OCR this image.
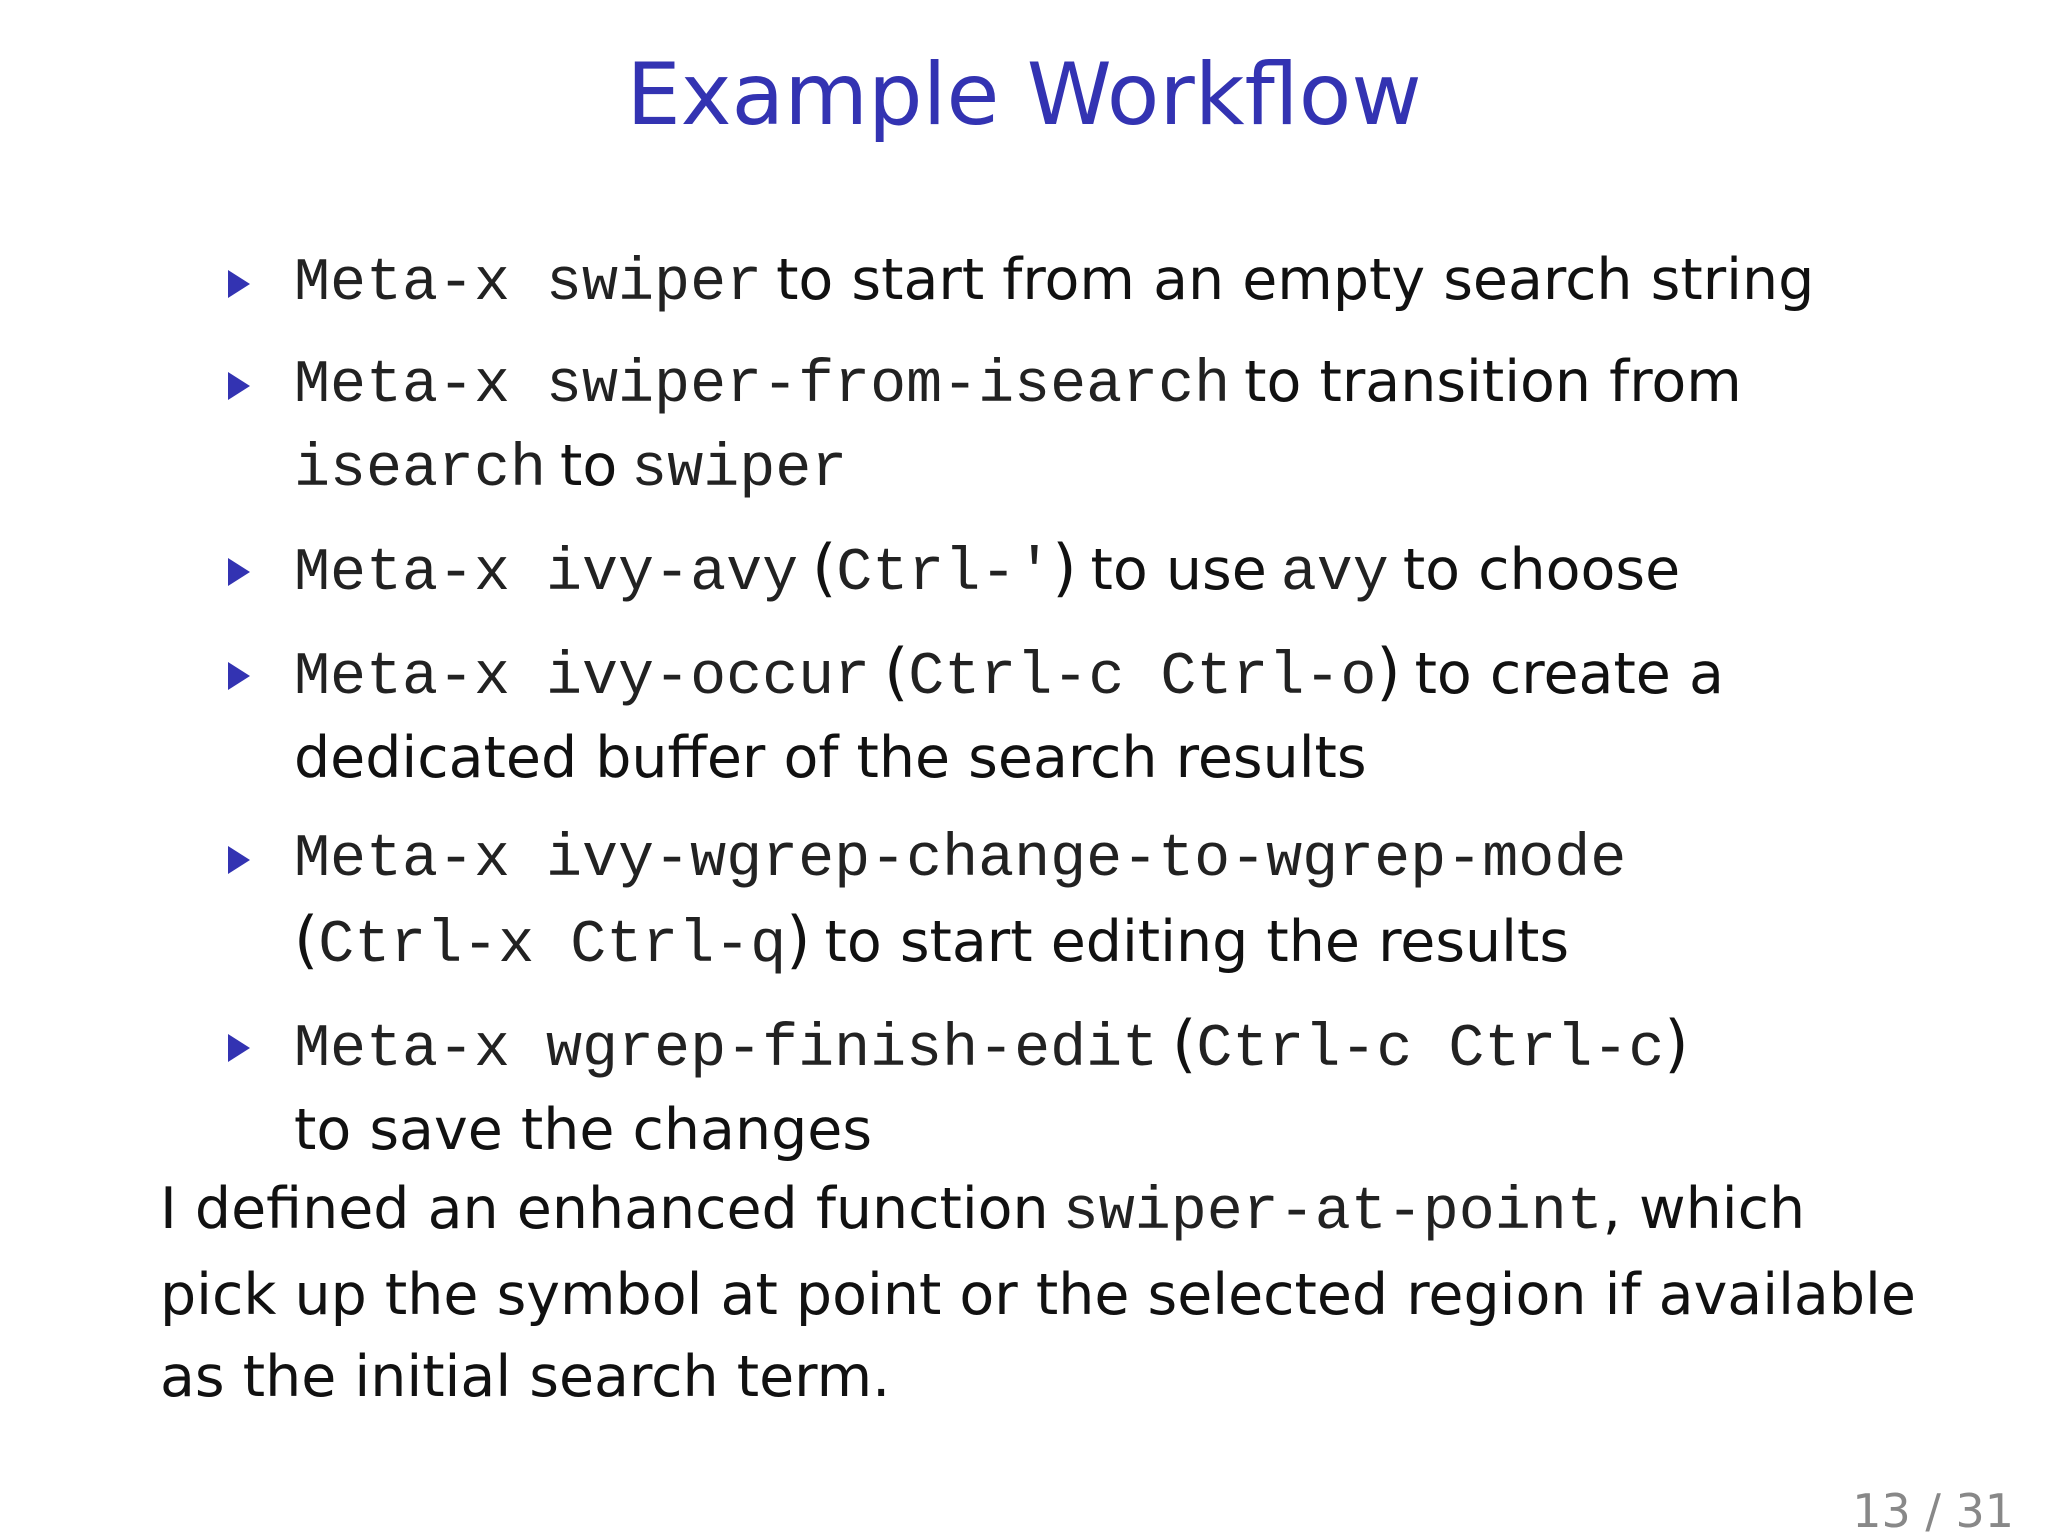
Example Workflow
Meta-x swiper to start from an empty search string
Meta-x swiper-from-isearch to transition from
isearch to swiper
Meta-x ivy-avy (Ctrl-') to use avy to choose
Meta-x ivy-occur (Ctrl-c Ctrl-o) to create a dedicated buffer of the search results
Meta-x ivy-wgrep-change-to-wgrep-mode
(Ctrl-x Ctrl-q) to start editing the results
Meta-x wgrep-finish-edit (Ctrl-c Ctrl-c)
to save the changes

I defined an enhanced function swiper-at-point, which pick up the symbol at point or the selected region if available as the initial search term.

13 / 31
